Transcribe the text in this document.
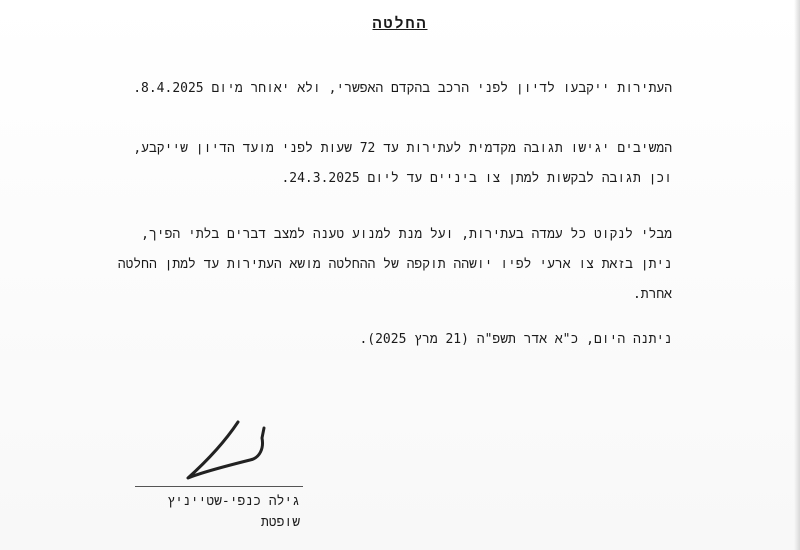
החלטה
העתירות ייקבעו לדיון לפני הרכב בהקדם האפשרי, ולא יאוחר מיום 8.4.2025.
המשיבים יגישו תגובה מקדמית לעתירות עד 72 שעות לפני מועד הדיון שייקבע,
וכן תגובה לבקשות למתן צו ביניים עד ליום 24.3.2025.
מבלי לנקוט כל עמדה בעתירות, ועל מנת למנוע טענה למצב דברים בלתי הפיך,
ניתן בזאת צו ארעי לפיו יושהה תוקפה של ההחלטה מושא העתירות עד למתן החלטה
אחרת.
ניתנה היום, כ"א אדר תשפ"ה (21 מרץ 2025).
גילה כנפי-שטייניץ
שופטת
